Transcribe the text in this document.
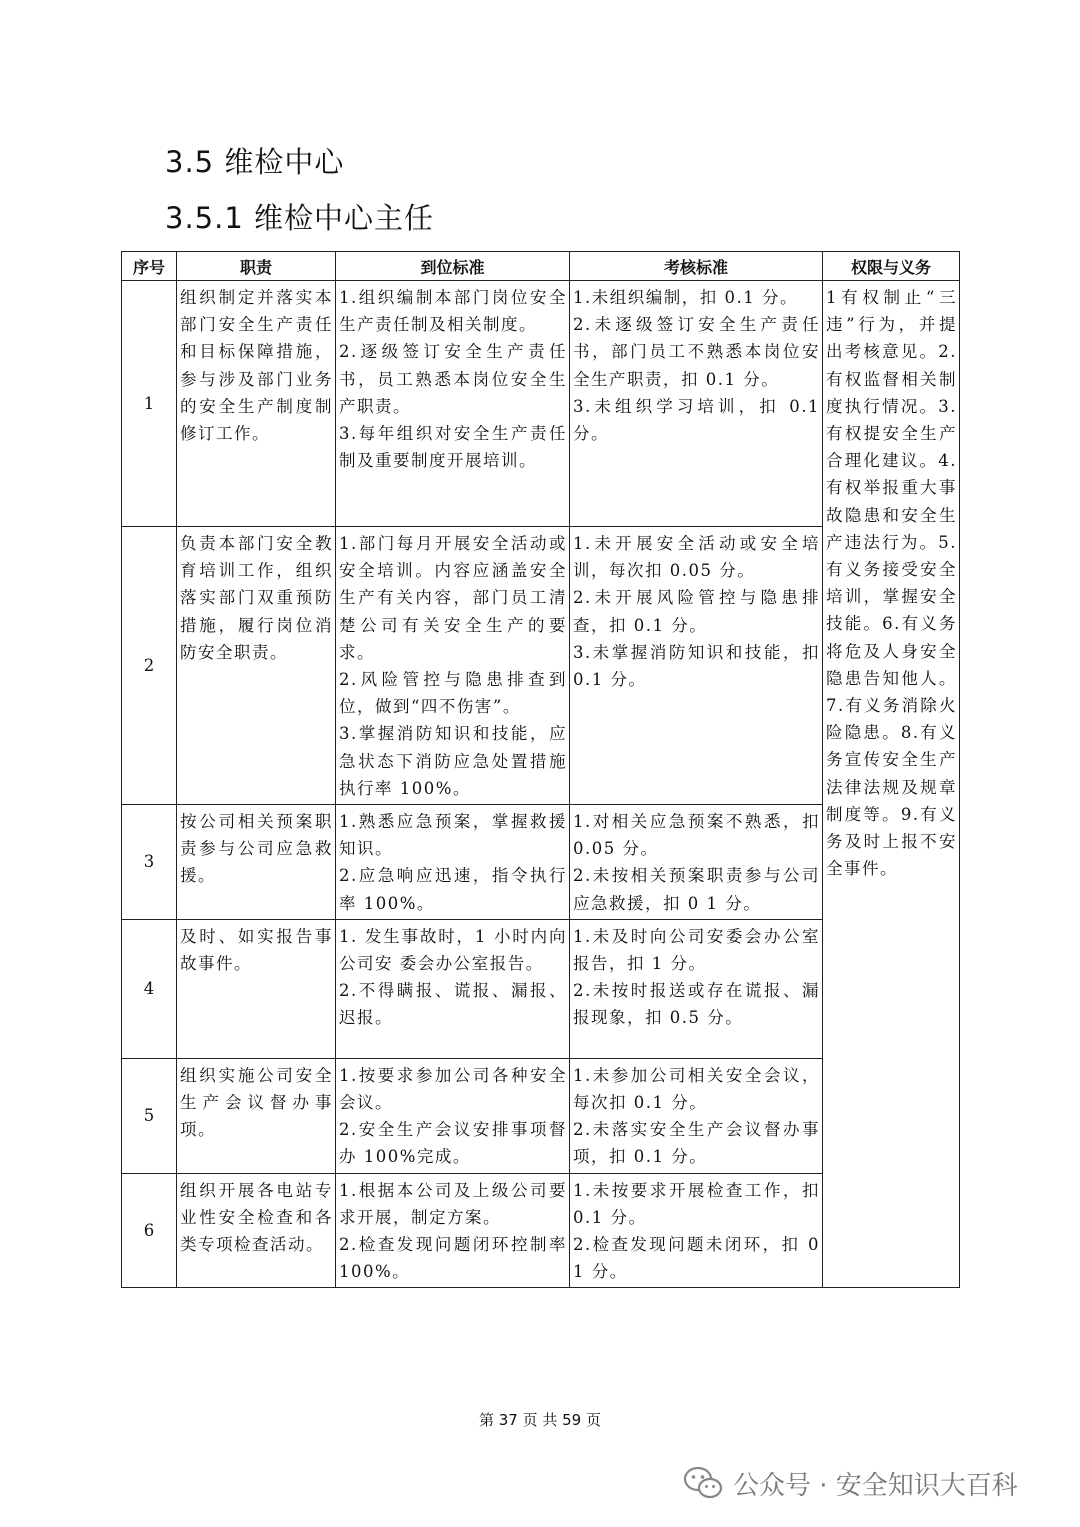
3.5 维检中心
3.5.1 维检中心主任
序号	职责	到位标准	考核标准	权限与义务
1	组织制定并落实本部门安全生产责任和目标保障措施，参与涉及部门业务的安全生产制度制修订工作。	1.组织编制本部门岗位安全生产责任制及相关制度。
2.逐级签订安全生产责任书，员工熟悉本岗位安全生产职责。
3.每年组织对安全生产责任制及重要制度开展培训。	1.未组织编制，扣 0.1 分。
2.未逐级签订安全生产责任 书，部门员工不熟悉本岗位安 全生产职责，扣 0.1 分。
3.未组织学习培训，扣 0.1 分。	1有权制止“三违”行为，并提出考核意见。2.有权监督相关制度执行情况。3.有权提安全生产合理化建议。4.有权举报重大事故隐患和安全生产违法行为。5.有义务接受安全培训，掌握安全技能。6.有义务将危及人身安全隐患告知他人。7.有义务消除火险隐患。8.有义务宣传安全生产法律法规及规章制度等。9.有义务及时上报不安全事件。
2	负责本部门安全教育培训工作，组织落实部门双重预防措施，履行岗位消防安全职责。	1.部门每月开展安全活动或安全培训。内容应涵盖安全生产有关内容，部门员工清楚公司有关安全生产的要求。
2.风险管控与隐患排查到位，做到“四不伤害”。
3.掌握消防知识和技能，应急状态下消防应急处置措施执行率 100%。	1.未开展安全活动或安全培训，每次扣 0.05 分。
2.未开展风险管控与隐患排查，扣 0.1 分。
3.未掌握消防知识和技能，扣 0.1 分。	
3	按公司相关预案职责参与公司应急救援。	1.熟悉应急预案，掌握救援知识。
2.应急响应迅速，指令执行率 100%。	1.对相关应急预案不熟悉，扣 0.05 分。
2.未按相关预案职责参与公司应急救援，扣 0 1 分。	
4	及时、如实报告事故事件。	1. 发生事故时，1 小时内向公司安 委会办公室报告。
2.不得瞒报、谎报、漏报、迟报。	1.未及时向公司安委会办公室报告，扣 1 分。
2.未按时报送或存在谎报、漏报现象，扣 0.5 分。	
5	组织实施公司安全生产会议督办事项。	1.按要求参加公司各种安全会议。
2.安全生产会议安排事项督办 100%完成。	1.未参加公司相关安全会议，每次扣 0.1 分。
2.未落实安全生产会议督办事项，扣 0.1 分。	
6	组织开展各电站专业性安全检查和各类专项检查活动。	1.根据本公司及上级公司要求开展，制定方案。
2.检查发现问题闭环控制率 100%。	1.未按要求开展检查工作，扣 0.1 分。
2.检查发现问题未闭环，扣 0 1 分。	
第 37 页 共 59 页
公众号 · 安全知识大百科
